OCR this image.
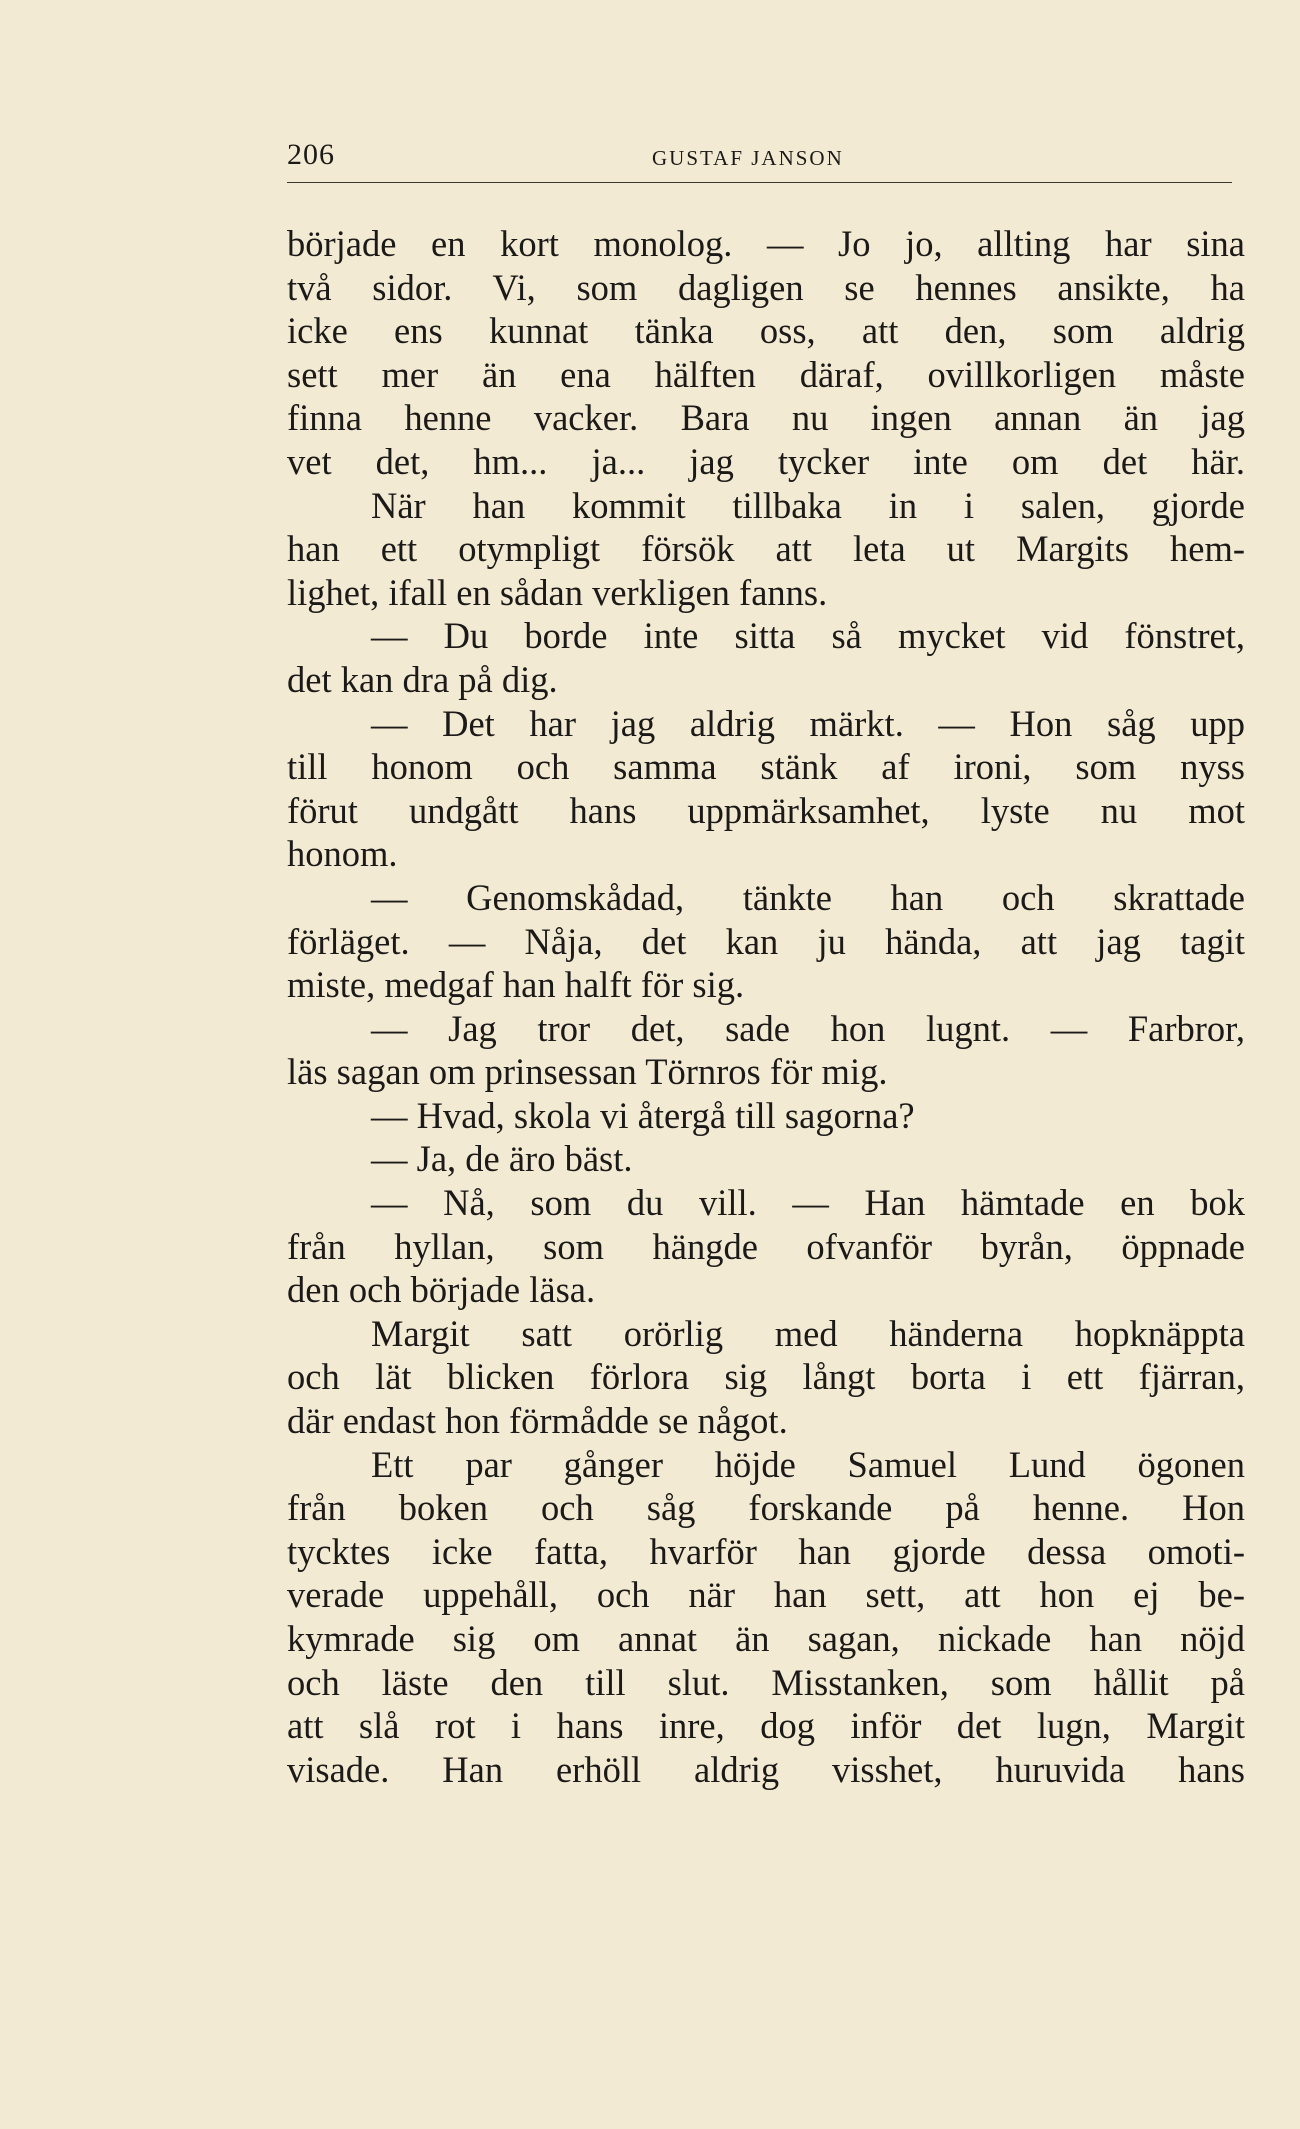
206	GUSTAF JANSON
började en kort monolog. — Jo jo, allting har sina
två sidor. Vi, som dagligen se hennes ansikte, ha
icke ens kunnat tänka oss, att den, som aldrig
sett mer än ena hälften däraf, ovillkorligen måste
finna henne vacker. Bara nu ingen annan än jag
vet det, hm... ja... jag tycker inte om det här.
När han kommit tillbaka in i salen, gjorde
han ett otympligt försök att leta ut Margits hem-
lighet, ifall en sådan verkligen fanns.
— Du borde inte sitta så mycket vid fönstret,
det kan dra på dig.
— Det har jag aldrig märkt. — Hon såg upp
till honom och samma stänk af ironi, som nyss
förut undgått hans uppmärksamhet, lyste nu mot
honom.
— Genomskådad, tänkte han och skrattade
förläget. — Nåja, det kan ju hända, att jag tagit
miste, medgaf han halft för sig.
— Jag tror det, sade hon lugnt. — Farbror,
läs sagan om prinsessan Törnros för mig.
— Hvad, skola vi återgå till sagorna?
— Ja, de äro bäst.
— Nå, som du vill. — Han hämtade en bok
från hyllan, som hängde ofvanför byrån, öppnade
den och började läsa.
Margit satt orörlig med händerna hopknäppta
och lät blicken förlora sig långt borta i ett fjärran,
där endast hon förmådde se något.
Ett par gånger höjde Samuel Lund ögonen
från boken och såg forskande på henne. Hon
tycktes icke fatta, hvarför han gjorde dessa omoti-
verade uppehåll, och när han sett, att hon ej be-
kymrade sig om annat än sagan, nickade han nöjd
och läste den till slut. Misstanken, som hållit på
att slå rot i hans inre, dog inför det lugn, Margit
visade. Han erhöll aldrig visshet, huruvida hans
